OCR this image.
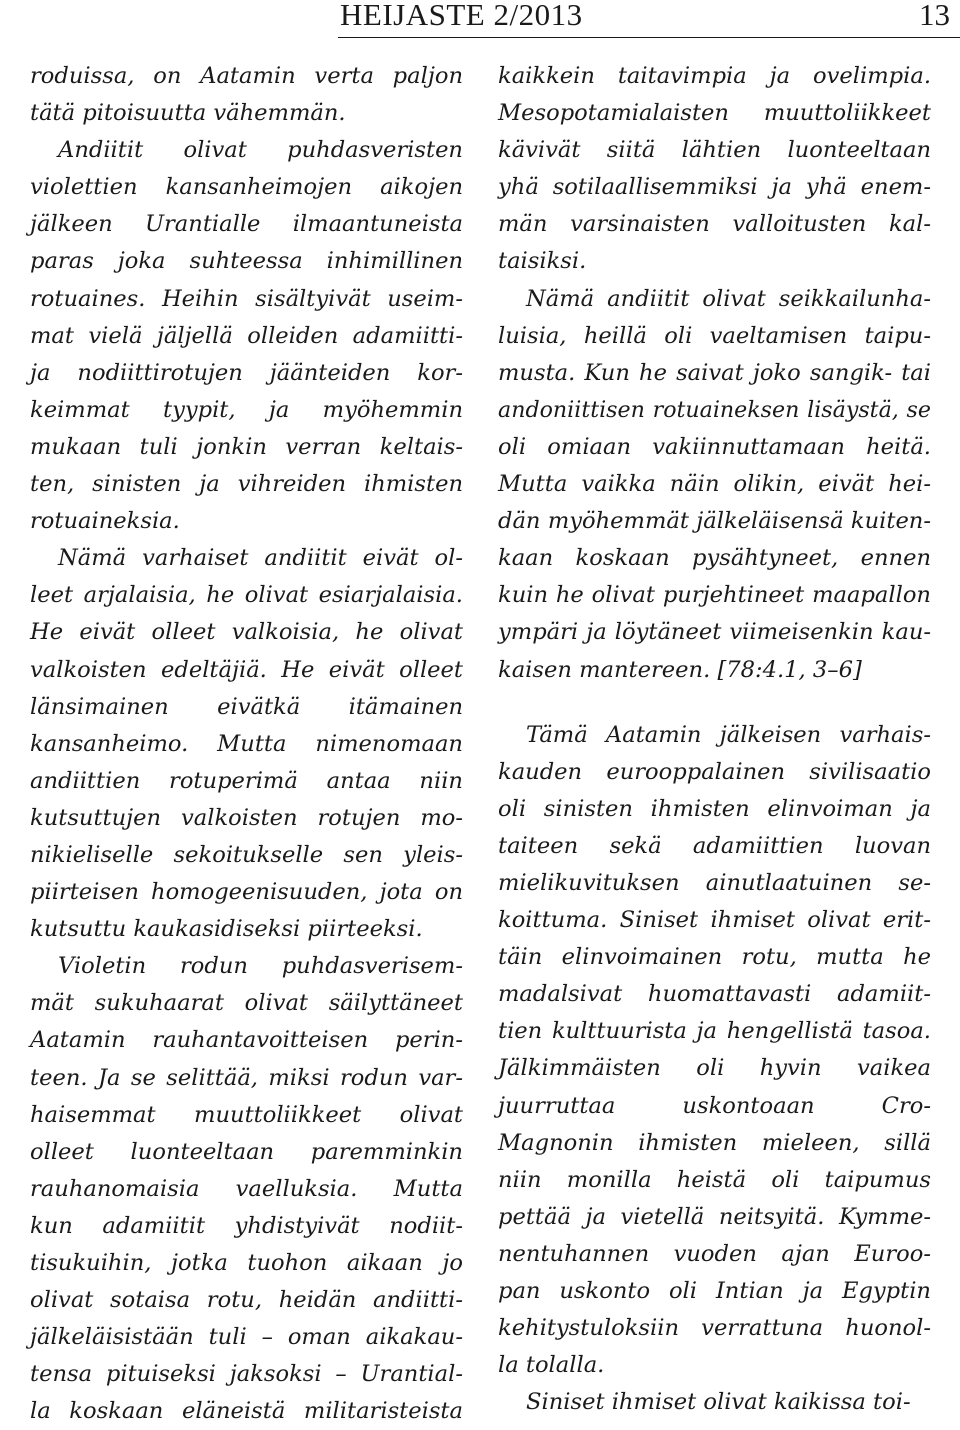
HEIJASTE 2/2013	13
roduissa, on Aatamin verta paljon
tätä pitoisuutta vähemmän.
Andiitit olivat puhdasveristen
violettien kansanheimojen aikojen
jälkeen Urantialle ilmaantuneista
paras joka suhteessa inhimillinen
rotuaines. Heihin sisältyivät useim-
mat vielä jäljellä olleiden adamiitti-
ja nodiittirotujen jäänteiden kor-
keimmat tyypit, ja myöhemmin
mukaan tuli jonkin verran keltais-
ten, sinisten ja vihreiden ihmisten
rotuaineksia.
Nämä varhaiset andiitit eivät ol-
leet arjalaisia, he olivat esiarjalaisia.
He eivät olleet valkoisia, he olivat
valkoisten edeltäjiä. He eivät olleet
länsimainen eivätkä itämainen
kansanheimo. Mutta nimenomaan
andiittien rotuperimä antaa niin
kutsuttujen valkoisten rotujen mo-
nikieliselle sekoitukselle sen yleis-
piirteisen homogeenisuuden, jota on
kutsuttu kaukasidiseksi piirteeksi.
Violetin rodun puhdasverisem-
mät sukuhaarat olivat säilyttäneet
Aatamin rauhantavoitteisen perin-
teen. Ja se selittää, miksi rodun var-
haisemmat muuttoliikkeet olivat
olleet luonteeltaan paremminkin
rauhanomaisia vaelluksia. Mutta
kun adamiitit yhdistyivät nodiit-
tisukuihin, jotka tuohon aikaan jo
olivat sotaisa rotu, heidän andiitti-
jälkeläisistään tuli – oman aikakau-
tensa pituiseksi jaksoksi – Urantial-
la koskaan eläneistä militaristeista
kaikkein taitavimpia ja ovelimpia.
Mesopotamialaisten muuttoliikkeet
kävivät siitä lähtien luonteeltaan
yhä sotilaallisemmiksi ja yhä enem-
män varsinaisten valloitusten kal-
taisiksi.
Nämä andiitit olivat seikkailunha-
luisia, heillä oli vaeltamisen taipu-
musta. Kun he saivat joko sangik- tai
andoniittisen rotuaineksen lisäystä, se
oli omiaan vakiinnuttamaan heitä.
Mutta vaikka näin olikin, eivät hei-
dän myöhemmät jälkeläisensä kuiten-
kaan koskaan pysähtyneet, ennen
kuin he olivat purjehtineet maapallon
ympäri ja löytäneet viimeisenkin kau-
kaisen mantereen. [78:4.1, 3–6]
Tämä Aatamin jälkeisen varhais-
kauden eurooppalainen sivilisaatio
oli sinisten ihmisten elinvoiman ja
taiteen sekä adamiittien luovan
mielikuvituksen ainutlaatuinen se-
koittuma. Siniset ihmiset olivat erit-
täin elinvoimainen rotu, mutta he
madalsivat huomattavasti adamiit-
tien kulttuurista ja hengellistä tasoa.
Jälkimmäisten oli hyvin vaikea
juurruttaa uskontoaan Cro-
Magnonin ihmisten mieleen, sillä
niin monilla heistä oli taipumus
pettää ja vietellä neitsyitä. Kymme-
nentuhannen vuoden ajan Euroo-
pan uskonto oli Intian ja Egyptin
kehitystuloksiin verrattuna huonol-
la tolalla.
Siniset ihmiset olivat kaikissa toi-
